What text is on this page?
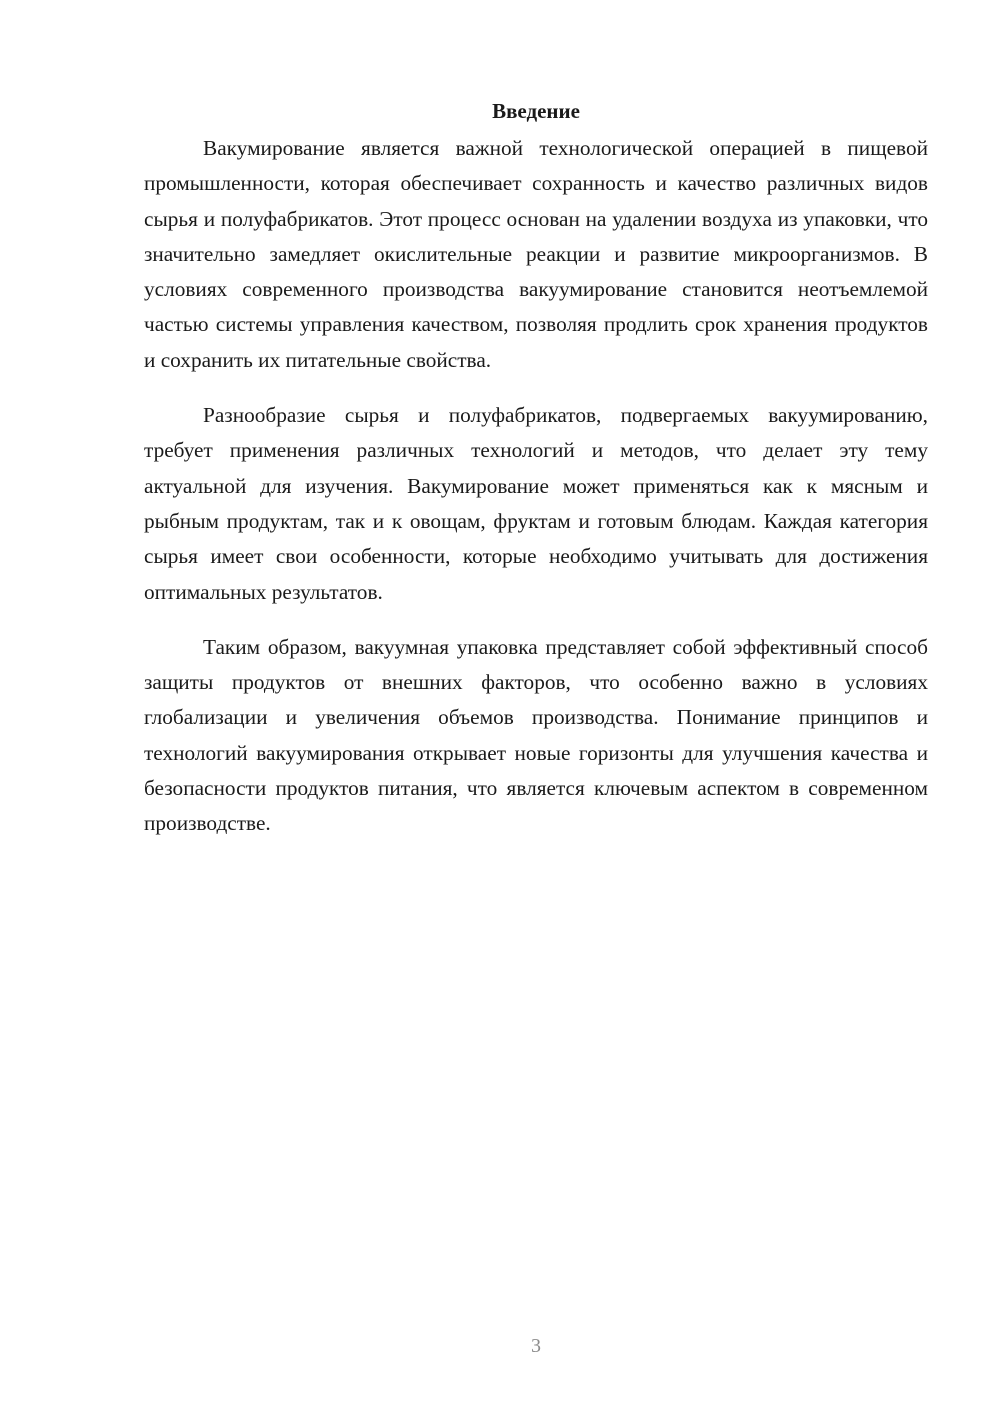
Введение

Вакумирование является важной технологической операцией в пищевой промышленности, которая обеспечивает сохранность и качество различных видов сырья и полуфабрикатов. Этот процесс основан на удалении воздуха из упаковки, что значительно замедляет окислительные реакции и развитие микроорганизмов. В условиях современного производства вакуумирование становится неотъемлемой частью системы управления качеством, позволяя продлить срок хранения продуктов и сохранить их питательные свойства.

Разнообразие сырья и полуфабрикатов, подвергаемых вакуумированию, требует применения различных технологий и методов, что делает эту тему актуальной для изучения. Вакумирование может применяться как к мясным и рыбным продуктам, так и к овощам, фруктам и готовым блюдам. Каждая категория сырья имеет свои особенности, которые необходимо учитывать для достижения оптимальных результатов.

Таким образом, вакуумная упаковка представляет собой эффективный способ защиты продуктов от внешних факторов, что особенно важно в условиях глобализации и увеличения объемов производства. Понимание принципов и технологий вакуумирования открывает новые горизонты для улучшения качества и безопасности продуктов питания, что является ключевым аспектом в современном производстве.

3
